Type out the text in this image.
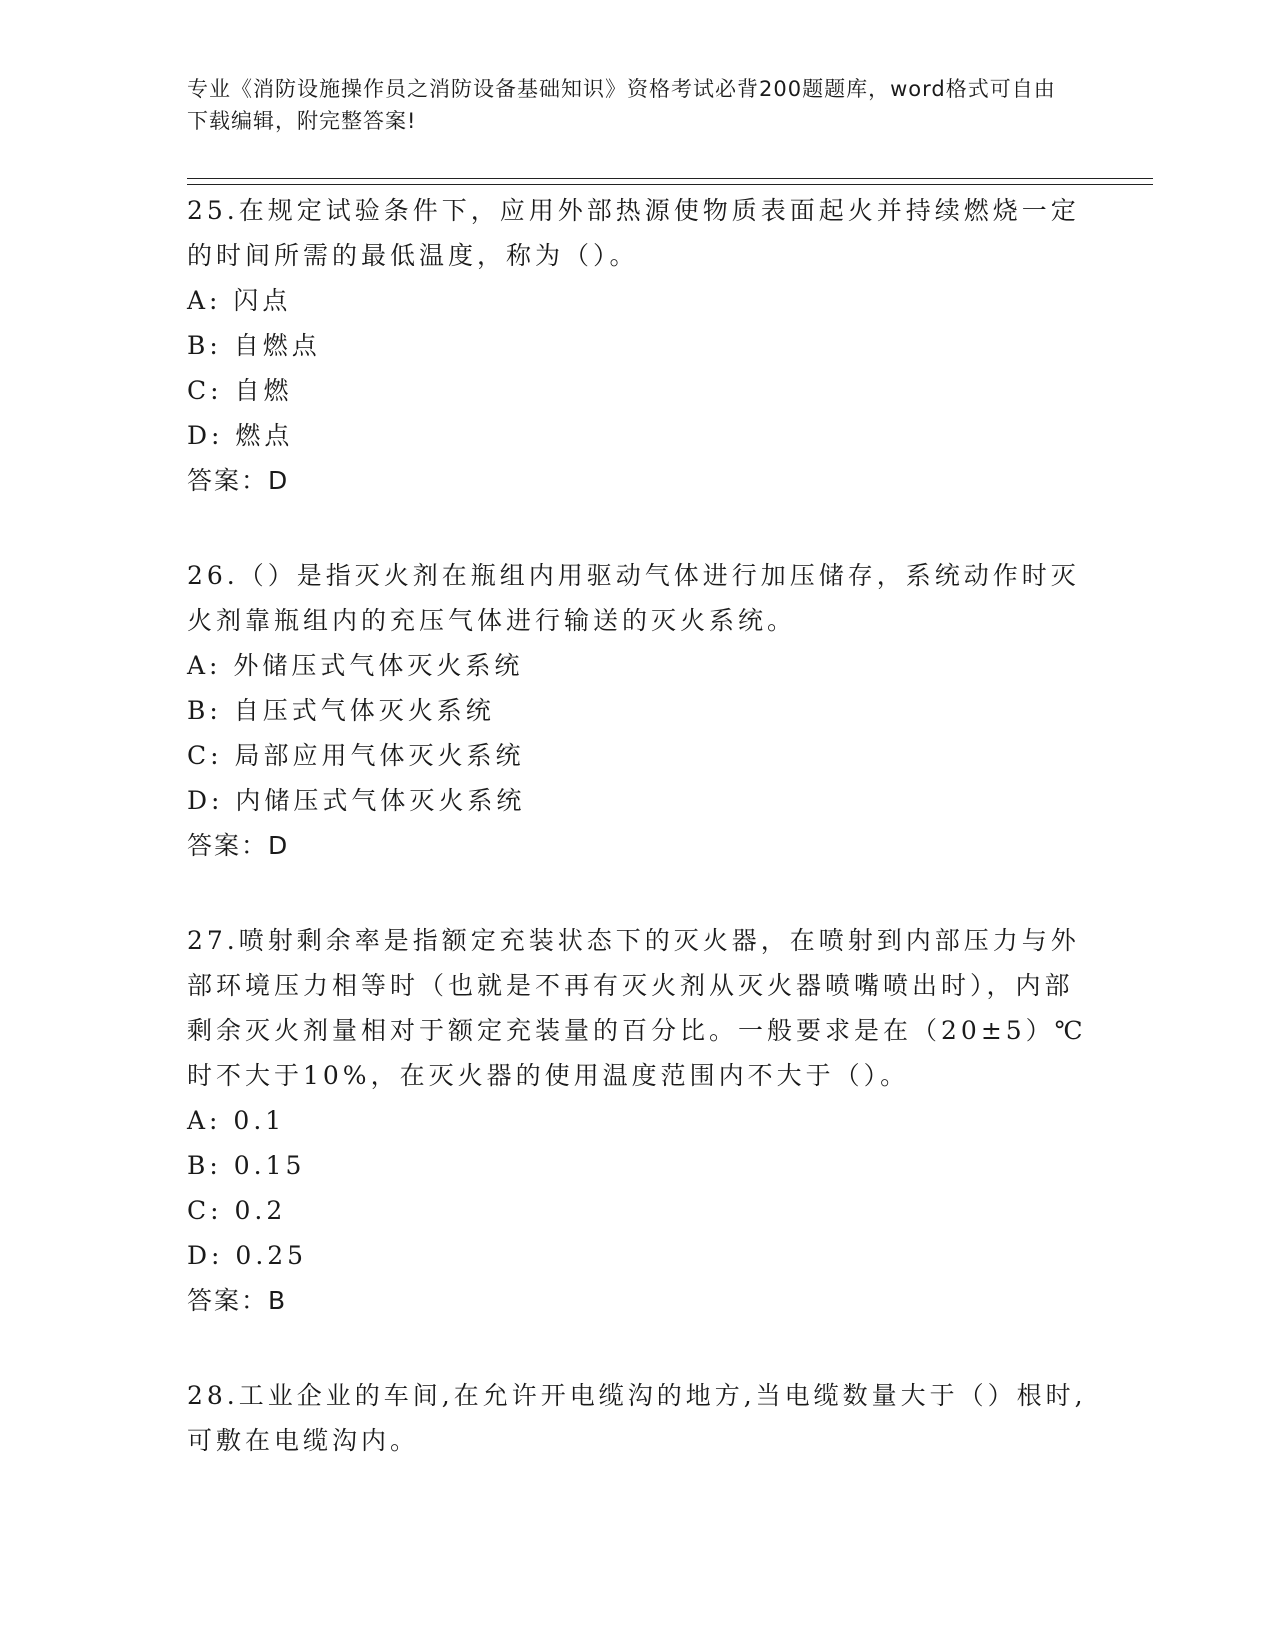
专业《消防设施操作员之消防设备基础知识》资格考试必背200题题库，word格式可自由下载编辑，附完整答案!
25.在规定试验条件下，应用外部热源使物质表面起火并持续燃烧一定的时间所需的最低温度，称为（）。
A: 闪点
B: 自燃点
C: 自燃
D: 燃点
答案：D
26.（）是指灭火剂在瓶组内用驱动气体进行加压储存，系统动作时灭火剂靠瓶组内的充压气体进行输送的灭火系统。
A: 外储压式气体灭火系统
B: 自压式气体灭火系统
C: 局部应用气体灭火系统
D: 内储压式气体灭火系统
答案：D
27.喷射剩余率是指额定充装状态下的灭火器，在喷射到内部压力与外部环境压力相等时（也就是不再有灭火剂从灭火器喷嘴喷出时），内部剩余灭火剂量相对于额定充装量的百分比。一般要求是在（20±5）℃时不大于10%，在灭火器的使用温度范围内不大于（）。
A: 0.1
B: 0.15
C: 0.2
D: 0.25
答案：B
28.工业企业的车间,在允许开电缆沟的地方,当电缆数量大于（）根时,可敷在电缆沟内。
